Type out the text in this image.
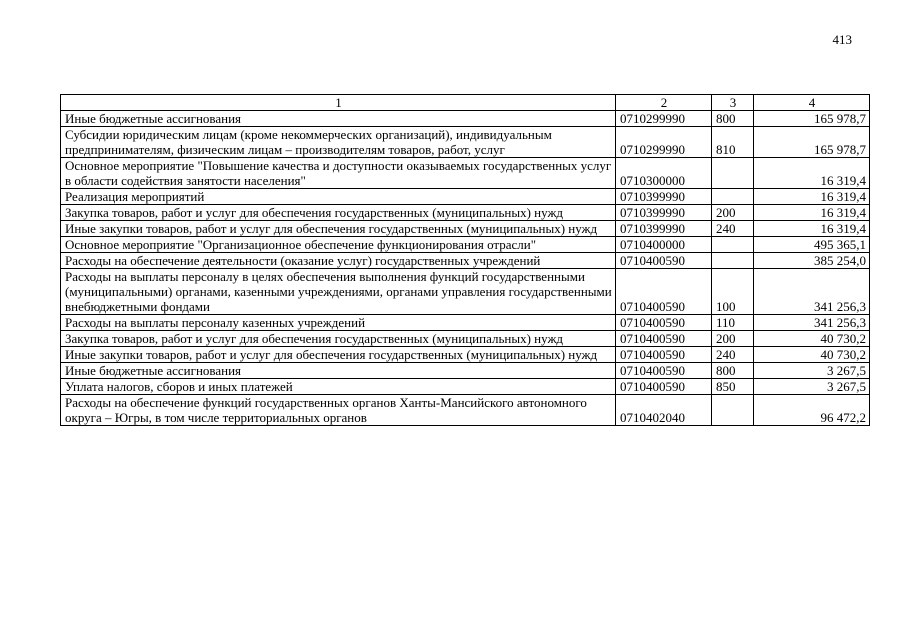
413
1	2	3	4
Иные бюджетные ассигнования	0710299990	800	165 978,7
Субсидии юридическим лицам (кроме некоммерческих организаций), индивидуальным предпринимателям, физическим лицам – производителям товаров, работ, услуг	0710299990	810	165 978,7
Основное мероприятие "Повышение качества и доступности оказываемых государственных услуг в области содействия занятости населения"	0710300000		16 319,4
Реализация мероприятий	0710399990		16 319,4
Закупка товаров, работ и услуг для обеспечения государственных (муниципальных) нужд	0710399990	200	16 319,4
Иные закупки товаров, работ и услуг для обеспечения государственных (муниципальных) нужд	0710399990	240	16 319,4
Основное мероприятие "Организационное обеспечение функционирования отрасли"	0710400000		495 365,1
Расходы на обеспечение деятельности (оказание услуг) государственных учреждений	0710400590		385 254,0
Расходы на выплаты персоналу в целях обеспечения выполнения функций государственными (муниципальными) органами, казенными учреждениями, органами управления государственными внебюджетными фондами	0710400590	100	341 256,3
Расходы на выплаты персоналу казенных учреждений	0710400590	110	341 256,3
Закупка товаров, работ и услуг для обеспечения государственных (муниципальных) нужд	0710400590	200	40 730,2
Иные закупки товаров, работ и услуг для обеспечения государственных (муниципальных) нужд	0710400590	240	40 730,2
Иные бюджетные ассигнования	0710400590	800	3 267,5
Уплата налогов, сборов и иных платежей	0710400590	850	3 267,5
Расходы на обеспечение функций государственных органов Ханты-Мансийского автономного округа – Югры, в том числе территориальных органов	0710402040		96 472,2
